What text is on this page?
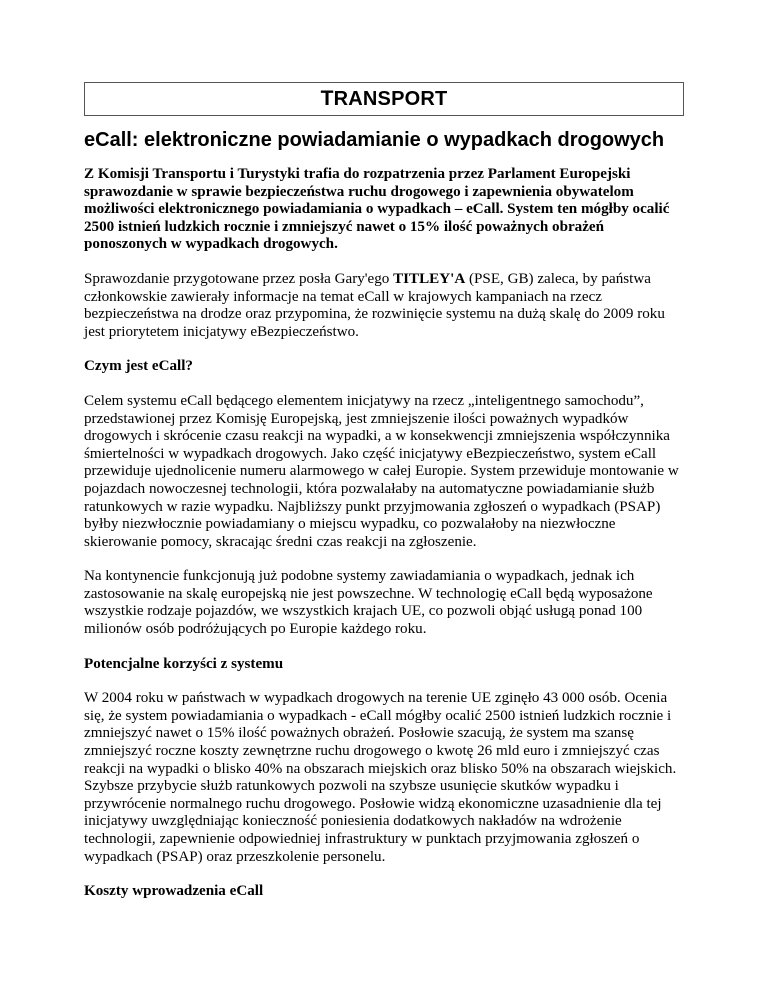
TRANSPORT
eCall: elektroniczne powiadamianie o wypadkach drogowych

Z Komisji Transportu i Turystyki trafia do rozpatrzenia przez Parlament Europejski sprawozdanie w sprawie bezpieczeństwa ruchu drogowego i zapewnienia obywatelom możliwości elektronicznego powiadamiania o wypadkach – eCall. System ten mógłby ocalić 2500 istnień ludzkich rocznie i zmniejszyć nawet o 15% ilość poważnych obrażeń ponoszonych w wypadkach drogowych.

Sprawozdanie przygotowane przez posła Gary'ego TITLEY'A (PSE, GB) zaleca, by państwa członkowskie zawierały informacje na temat eCall w krajowych kampaniach na rzecz bezpieczeństwa na drodze oraz przypomina, że rozwinięcie systemu na dużą skalę do 2009 roku jest priorytetem inicjatywy eBezpieczeństwo.

Czym jest eCall?

Celem systemu eCall będącego elementem inicjatywy na rzecz „inteligentnego samochodu”, przedstawionej przez Komisję Europejską, jest zmniejszenie ilości poważnych wypadków drogowych i skrócenie czasu reakcji na wypadki, a w konsekwencji zmniejszenia współczynnika śmiertelności w wypadkach drogowych. Jako część inicjatywy eBezpieczeństwo, system eCall przewiduje ujednolicenie numeru alarmowego w całej Europie. System przewiduje montowanie w pojazdach nowoczesnej technologii, która pozwalałaby na automatyczne powiadamianie służb ratunkowych w razie wypadku. Najbliższy punkt przyjmowania zgłoszeń o wypadkach (PSAP) byłby niezwłocznie powiadamiany o miejscu wypadku, co pozwalałoby na niezwłoczne skierowanie pomocy, skracając średni czas reakcji na zgłoszenie.

Na kontynencie funkcjonują już podobne systemy zawiadamiania o wypadkach, jednak ich zastosowanie na skalę europejską nie jest powszechne. W technologię eCall będą wyposażone wszystkie rodzaje pojazdów, we wszystkich krajach UE, co pozwoli objąć usługą ponad 100 milionów osób podróżujących po Europie każdego roku.

Potencjalne korzyści z systemu

W 2004 roku w państwach w wypadkach drogowych na terenie UE zginęło 43 000 osób. Ocenia się, że system powiadamiania o wypadkach - eCall mógłby ocalić 2500 istnień ludzkich rocznie i zmniejszyć nawet o 15% ilość poważnych obrażeń. Posłowie szacują, że system ma szansę zmniejszyć roczne koszty zewnętrzne ruchu drogowego o kwotę 26 mld euro i zmniejszyć czas reakcji na wypadki o blisko 40% na obszarach miejskich oraz blisko 50% na obszarach wiejskich. Szybsze przybycie służb ratunkowych pozwoli na szybsze usunięcie skutków wypadku i przywrócenie normalnego ruchu drogowego. Posłowie widzą ekonomiczne uzasadnienie dla tej inicjatywy uwzględniając konieczność poniesienia dodatkowych nakładów na wdrożenie technologii, zapewnienie odpowiedniej infrastruktury w punktach przyjmowania zgłoszeń o wypadkach (PSAP) oraz przeszkolenie personelu.

Koszty wprowadzenia eCall
